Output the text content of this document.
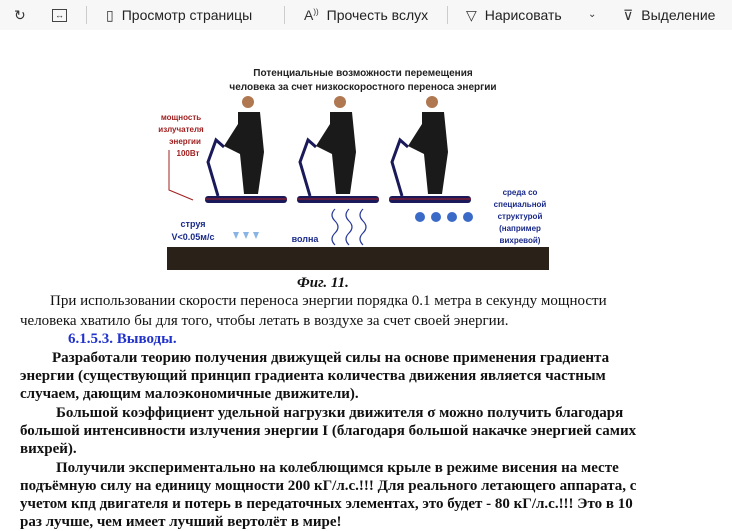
↻	↔	▯ Просмотр страницы	A)) Прочесть вслух	▽ Нарисовать	⌄ ⊽ Выделение
Потенциальные возможности перемещения
человека за счет низкоскоростного переноса энергии
мощность
излучателя
энергии
100Вт
струя
V<0.05м/с	волна
среда со
специальной
структурой
(например
вихревой)
Фиг. 11.
При использовании скорости переноса энергии порядка 0.1 метра в секунду мощности
человека хватило бы для того, чтобы летать в воздухе за счет своей энергии.
6.1.5.3. Выводы.
Разработали теорию получения движущей силы на основе применения градиента
энергии (существующий принцип градиента количества движения является частным
случаем, дающим малоэкономичные движители).
Большой коэффициент удельной нагрузки движителя σ можно получить благодаря
большой интенсивности излучения энергии I (благодаря большой накачке энергией самих
вихрей).
Получили экспериментально на колеблющимся крыле в режиме висения на месте
подъёмную силу на единицу мощности 200 кГ/л.с.!!! Для реального летающего аппарата, с
учетом кпд двигателя и потерь в передаточных элементах, это будет - 80 кГ/л.с.!!! Это в 10
раз лучше, чем имеет лучший вертолёт в мире!
